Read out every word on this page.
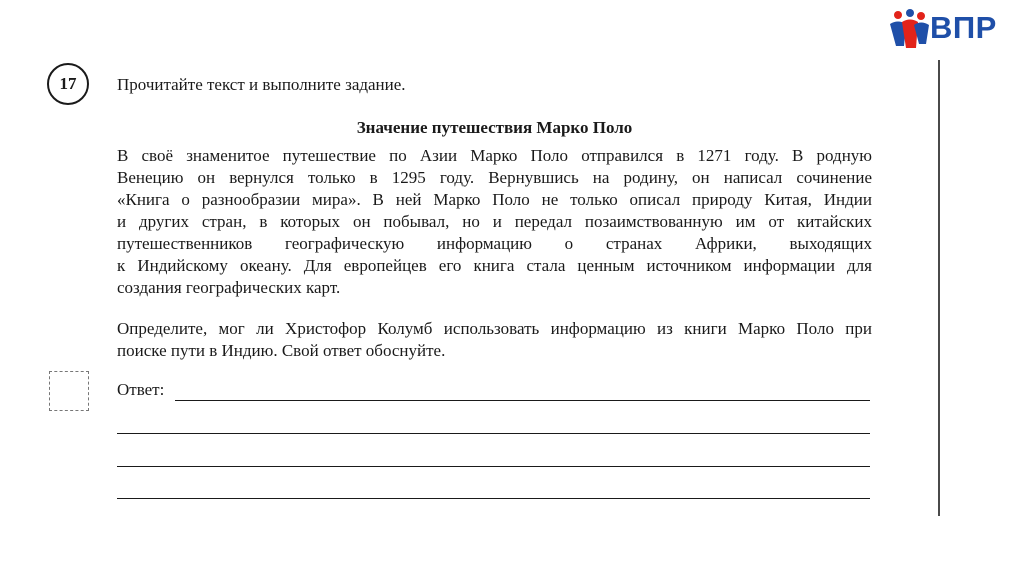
ВПР
17	Прочитайте текст и выполните задание.
Значение путешествия Марко Поло
В своё знаменитое путешествие по Азии Марко Поло отправился в 1271 году. В родную
Венецию он вернулся только в 1295 году. Вернувшись на родину, он написал сочинение
«Книга о разнообразии мира». В ней Марко Поло не только описал природу Китая, Индии
и других стран, в которых он побывал, но и передал позаимствованную им от китайских
путешественников географическую информацию о странах Африки, выходящих
к Индийскому океану. Для европейцев его книга стала ценным источником информации для
создания географических карт.
Определите, мог ли Христофор Колумб использовать информацию из книги Марко Поло при
поиске пути в Индию. Свой ответ обоснуйте.
Ответ:
